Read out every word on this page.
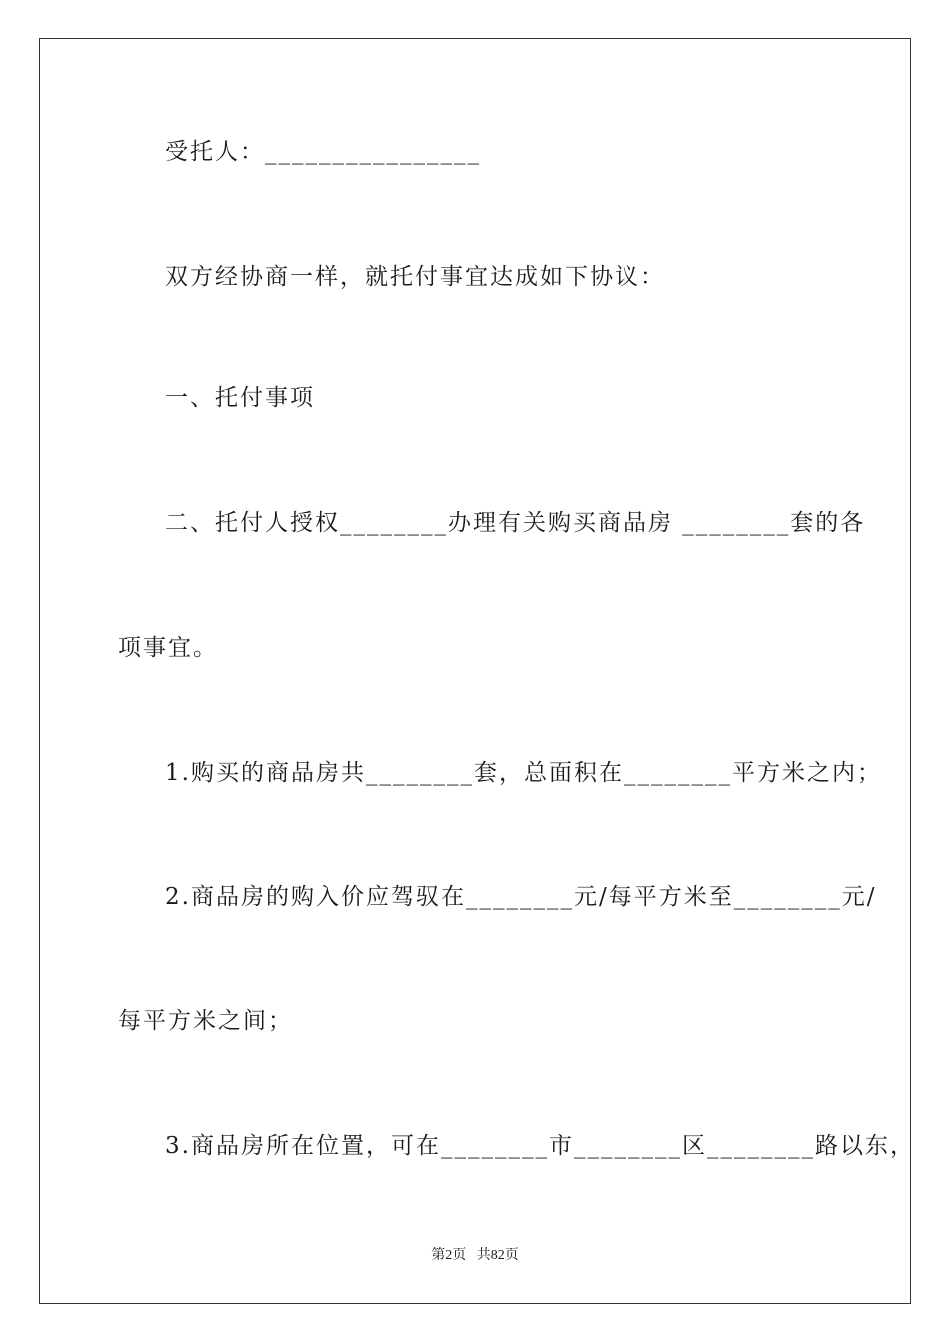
受托人：________________
双方经协商一样，就托付事宜达成如下协议：
一、托付事项
二、托付人授权________办理有关购买商品房 ________套的各
项事宜。
1.购买的商品房共________套，总面积在________平方米之内；
2.商品房的购入价应驾驭在________元/每平方米至________元/
每平方米之间；
3.商品房所在位置，可在________市________区________路以东，
第2页   共82页
